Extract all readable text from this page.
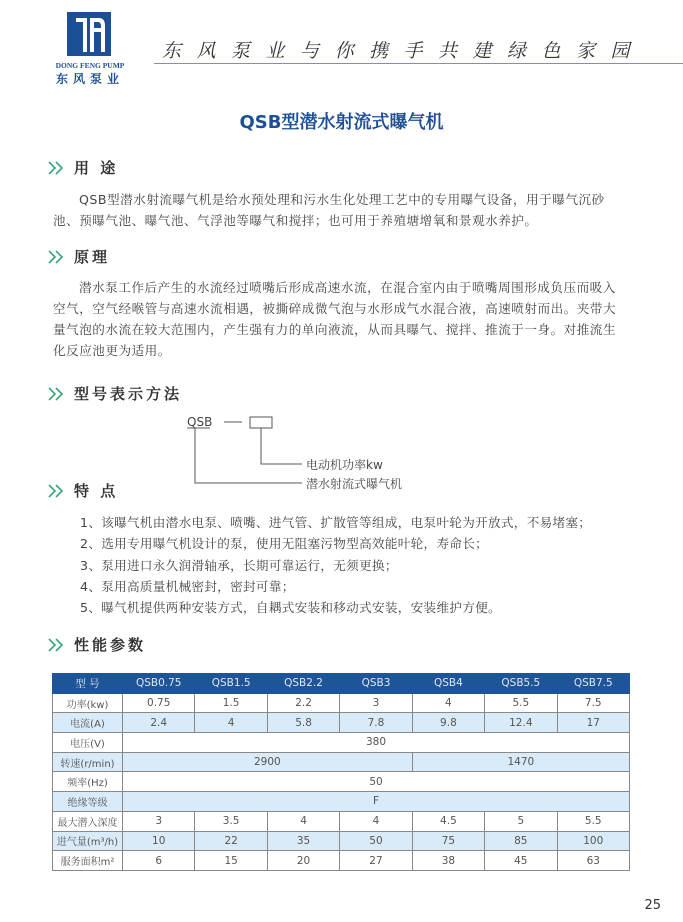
DONG FENG PUMP
东风泵业
东风泵业与你携手共建绿色家园
QSB型潜水射流式曝气机
用 途
QSB型潜水射流曝气机是给水预处理和污水生化处理工艺中的专用曝气设备，用于曝气沉砂
池、预曝气池、曝气池、气浮池等曝气和搅拌；也可用于养殖塘增氧和景观水养护。
原理
潜水泵工作后产生的水流经过喷嘴后形成高速水流，在混合室内由于喷嘴周围形成负压而吸入
空气，空气经喉管与高速水流相遇，被撕碎成微气泡与水形成气水混合液，高速喷射而出。夹带大
量气泡的水流在较大范围内，产生强有力的单向液流，从而具曝气、搅拌、推流于一身。对推流生
化反应池更为适用。
型号表示方法
QSB
电动机功率kw
潜水射流式曝气机
特 点
1、该曝气机由潜水电泵、喷嘴、进气管、扩散管等组成，电泵叶轮为开放式，不易堵塞；
2、选用专用曝气机设计的泵，使用无阻塞污物型高效能叶轮，寿命长；
3、泵用进口永久润滑轴承，长期可靠运行，无须更换；
4、泵用高质量机械密封，密封可靠；
5、曝气机提供两种安装方式，自耦式安装和移动式安装，安装维护方便。
性能参数
型 号	QSB0.75	QSB1.5	QSB2.2	QSB3	QSB4	QSB5.5	QSB7.5
功率(kw)	0.75	1.5	2.2	3	4	5.5	7.5
电流(A)	2.4	4	5.8	7.8	9.8	12.4	17
电压(V)	380						
转速(r/min)	2900				1470		
频率(Hz)	50						
绝缘等级	F						
最大潜入深度	3	3.5	4	4	4.5	5	5.5
进气量(m³/h)	10	22	35	50	75	85	100
服务面积m²	6	15	20	27	38	45	63
25
